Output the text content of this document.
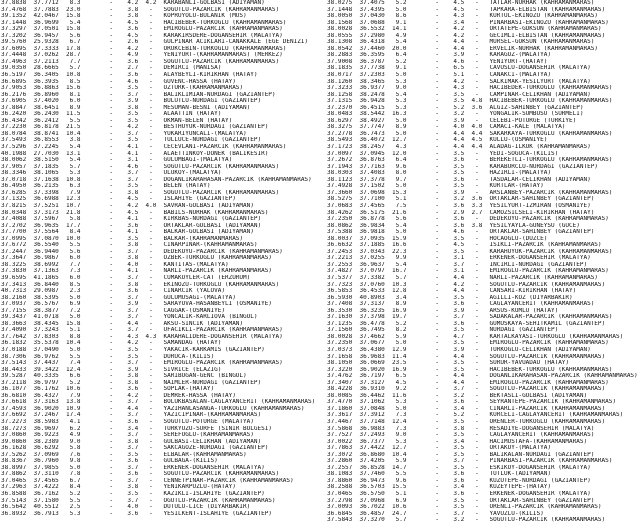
37.8838  37.7712   8.3        -    4.2  4.2  KARABANLI-GOLBASI (ADIYAMAN)
37.4768  37.7883  23.0        -    3.8   -   SOGUTLU-PAZARCIK (KAHRAMANMARAS)
39.1352  42.0467  15.8        -    3.8   -   KOPRUYOLU-BULANIK (MUS)
37.1448  36.9699   5.4        -    4.5   -   HACIBEBEK-TURKOGLU (KAHRAMANMARAS)
37.3297  37.0501  15.8        -    3.6   -   EMIROGLU-PAZARCIK (KAHRAMANMARAS)
37.3202  36.9457   5.6        -    4.5   -   KARAKIRSDERE-DOGANSEHIR (MALATYA)
39.5760  25.9328   6.7        -    2.6   -   GULPINAR ACIKLARI-CANAKKALE (EGE DENIZI)
37.6095  37.3333  17.8        -    4.2   -   ORUKCEBIN-TURKOGLU (KAHRAMANMARAS)
37.4448  37.0262  28.7        -    4.9   -   YENIYURT-(KAHRAMANMARAS) (MERKEZ)
37.4963  37.2113   7.7        -    3.6   -   SOGUTLU-PAZARCIK (KAHRAMANMARAS)
39.0350  28.6665   5.7        -    2.7   -   DEMIRCI (MANISA)
36.5197  36.3405  10.8        -    3.6   -   ALAYBEYLI-KIRIKHAN (HATAY)
36.6895  36.3935   8.5        -    4.6   -   GUVENC-HASSA (HATAY)
37.9053  36.8863  15.6        -    3.5   -   OZTURK-(KAHRAMANMARAS)
36.2176  36.8960   8.1        -    3.7   -   BALIKLIMIAN-NURDAGI (GAZIANTEP)
37.6905  37.4020   6.0        -    3.9   -   BULUTLU-NURDAGI (GAZIANTEP)
37.8847  38.6451   8.9        -    3.8   -   MESUMAN-BESNI (ADIYAMAN)
36.2420  36.2430  11.5        -    3.5   -   ALAATTIN (HATAY)
36.4342  36.2412   5.5        -    3.5   -   OKMAN-BELEN (HATAY)
37.2230  36.8178  21.5        -    4.2   -   BESTHUYUK-NURDAGI (GAZIANTEP)
38.0784  38.8741  10.4        -    3.7   -   YUKARIYUNCALI-(MALATYA)
37.5493  36.8553   3.8        -    3.5   -   TULLUCE-NURDAGI (GAZIANTEP)
37.5296  37.2245   5.4        -    4.1   -   CECEVLANI-PAZARCIK (KAHRAMANMARAS)
40.1988  27.7030  13.1        -    4.1   -   ALAETTINKOY-DONEK (BALIKESIR)
38.0062  38.5150   5.4        -    3.1   -   GULUMBAGI-(MALATYA)
37.9057  37.1835   5.7        -    4.6   -   SOGUTLU-PAZARCIK (KAHRAMANMARAS)
38.3346  38.1065   5.3        -    3.7   -   ULUKOY-(MALATYA)
37.0718  37.1638  10.8        -    3.7   -   DOGANLIKARAHASAN-PAZARCIK (KAHRAMANMARAS)
36.4950  36.2135   6.3        -    3.5   -   BELEN (HATAY)
37.6285  37.3398   7.9        -    3.8   -   SOGUTLU-PAZARCIK (KAHRAMANMARAS)
37.1325  36.6988  12.3        -    4.5   -   ISLAHIYE (GAZIANTEP)
37.8215  37.5251  10.7        -    4.2  4.0  SAVRAN-GOLBASI (ADIYAMAN)
38.0348  37.3173  21.8        -    4.5   -   BABILS-NURHAK (KAHRAMANMARAS)
37.4088  37.5967   5.8        -    4.1   -   KIRKBAS-NURDAGI (GAZIANTEP)
37.2702  36.9635  17.7        -    3.6   -   ORTAKLAR-GOLBASI (ADIYAMAN)
37.7700  37.5564   8.4        -    4.1   -   BALKAR-GOLBASI (ADIYAMAN)
37.0995  37.0870  10.0        -    3.5   -   BALKAR-(KAHRAMANMARAS)
37.6772  36.5540   5.5        -    3.8   -   CINARPINAR-(KAHRAMANMARAS)
37.2447  36.9440   5.6        -    3.7   -   DEDEKOYU-PAZARCIK (KAHRAMANMARAS)
37.3647  36.9867   6.0        -    3.8   -   OZBEK-TURKOGLU (KAHRAMANMARAS)
38.3225  38.6992   7.7        -    4.0   -   KANTITAS-(MALATYA)
37.3830  37.1363   7.3        -    4.1   -   NARLI-PAZARCIK (KAHRAMANMARAS)
39.6595  41.1865   6.0        -    3.7   -   CUMAKOYLER-CAT (ERZURUM)
37.3413  36.8440   8.5        -    3.8   -   EKINOZU-TURKOGLU (KAHRAMANMARAS)
40.7313  29.0987   2.3        -    3.6   -   CINARCIK (YALOVA)
38.2160  38.5395   5.0        -    3.7   -   GULUMUSAGI-(MALATYA)
37.0937  36.5767   6.9        -    3.9   -   SARAYOVA-HASANBEYLI (OSMANIYE)
37.7155  38.3877   7.2        -    3.7   -   CAGGAK-(OSMANIYE)
39.3437  41.0718   5.0        -    3.7   -   YONCALIK-KARLIOVA (BINGOL)
38.3663  38.4345  15.8        -    4.4   -   AKSU-SINCIK (ADIYAMAN)
37.4090  37.3243   5.1        -    3.7   -   UFACIKLI-PAZARCIK (KAHRAMANMARAS)
37.7642  37.8303   8.8        -    4.3  4.3  KARAHALIDERE-DOGANSEHIR (MALATYA)
36.1832  35.5378  10.4        -    4.2   -   SAMANDAG (HATAY)
37.0188  37.0490   5.0        -    3.5   -   YAKACIK-KARKAMIS (GAZIANTEP)
38.7306  36.9762   5.5        -    3.5   -   DURUCA-(KILIS)
37.5143  37.4437   7.4        -    3.7   -   EMIROGLU-PAZARCIK (KAHRAMANMARAS)
38.4433  39.3422  12.4        -    3.9   -   SIVRICE (ELAZIG)
39.5287  40.3335   6.6        -    3.8   -   SARIBOGAN-GENC (BINGOL)
37.2118  36.9797   5.2        -    3.8   -   NAIMLER-NURDAGI (GAZIANTEP)
36.1077  36.1762  10.6        -    3.6   -   SOPLAK-(HATAY)
36.6810  36.4327   7.9        -    4.2   -   DEMREK-HASSA (HATAY)
37.6618  37.3163  13.8        -    3.7   -   BOLUKBASALAN-CAGLAYANCERIT (KAHRAMANMARAS)
37.4593  36.9020  10.9        -    4.4   -   YAZIHANLASANGA-TURKOGLU (KAHRAMANMARAS)
37.6692  37.2467  17.4        -    3.7   -   YAZICIPINAR-(KAHRAMANMARAS)
37.2273  38.5983   4.1        -    3.6   -   SOGUTLU-POTURGE (MALATYA)
38.7273  36.9697   6.2        -    3.4   -   TURKYUZU-SURFE (SINIR BOLGESI)
37.0860  36.9223   4.9        -    3.7   -   SEREFOGLU-(KAHRAMANMARAS)
39.0860  38.2389   9.0        -    3.8   -   GULBASI-CELIKHAN (ADIYAMAN)
36.1628  36.6292   5.8        -    3.7   -   SAKCAGOZE-NURDAGI (GAZIANTEP)
37.5262  37.0969   7.6        -    3.5   -   ELBALAR-(KAHRAMANMARAS)
38.8367  36.7960   9.8        -    3.6   -   GULBAGA-(KILIS)
38.8997  37.9855   5.0        -    3.7   -   ERKENEK-DOGANSEHIR (MALATYA)
37.8862  37.3110   7.8        -    3.6   -   SOGUTLU-PAZARCIK (KAHRAMANMARAS)
37.0465  37.4565   6.7        -    3.7   -   CENNETPINAR-PAZARCIK (KAHRAMANMARAS)
37.2963  37.4222   8.4        -    3.8   -   YENIKARPUZLU-(HATAY)
36.8588  36.7162   5.2        -    3.5   -   KAZIKLI-ISLAHIYE (GAZIANTEP)
37.5143  37.1580   5.5        -    3.7   -   OGUTLU-PAZARCIK (KAHRAMANMARAS)
36.5642  40.5512   2.5        -    4.0   -   DUTULU-LICE (DIYARBAKIR)
36.8932  36.7913   5.3        -    3.6   -   YESILKENT-ISLAHIYE (GAZIANTEP)
38.0275  37.4075   5.2        -    4.5   -   TATLAR-NURHAK (KAHRAMANMARAS)
37.1448  37.4395   5.0        -    4.5   -   TAPKARA-ELBISTAN (KAHRAMANMARAS)
38.0050  37.0430   8.6        -    4.3   -   KURTUL-EKINOZU (KAHRAMANMARAS)
38.1568  37.0688   9.1        -    3.4   -   PINARBASI-EKINOZU (KAHRAMANMARAS)
38.0028  36.5532  14.1        -    4.2   -   ORTATEPE-GOKSUN (KAHRAMANMARAS)
38.0555  37.2980   4.9        -    4.2   -   GECIMLI-ELBISTAN (KAHRAMANMARAS)
38.1308  36.4318   5.4        -    4.4   -   MURSEL-GOKSUN (KAHRAMANMARAS)
38.0542  37.4460  20.0        -    4.4   -   ERVELIK-NURHAK (KAHRAMANMARAS)
38.2883  36.3595   6.4        -    3.9   -   KARAGOZ-(MALATYA)
37.9008  36.3787   5.2        -    4.6   -   YENIYURT-(HATAY)
38.1835  37.7738   9.1        -    6.5   -   CAVUSLU-DOGANSEHIR (MALATYA)
38.0717  37.2303   5.0        -    5.1   -   CANAKCI-(MALATYA)
38.1260  38.3465   5.3        -    4.2   -   SALKIMAK-YESILYURT (MALATYA)
37.3233  36.9377   9.0        -    4.3   -   HACIBEDEK-TURKOGLU (KAHRAMANMARAS)
38.1258  38.2478   5.4        -    3.5   -   CAMPINAR-CELIKHAN (ADIYAMAN)
37.1315  36.9428   5.3        -    3.5  4.8  HACIBEBEK-TURKOGLU (KAHRAMANMARAS)
37.2370  36.4515   5.3        -    5.2  3.6  ALGIZ-SAHINBEY (GAZIANTEP)
38.0483  38.5442  16.3        -    3.2   -   YONGALIK-SUMBUSU (SURMELI)
38.6297  38.4927   5.0        -    3.9   -   CELEBI-POTURGE (TURKIYE)
38.3275  37.7747   8.9        -    4.0  4.0  CAMACI-KALE (MALATYA)
37.2778  36.7473   5.0        -    4.4  4.4  SAKARKAYA-TURKOGLU (KAHRAMANMARAS)
38.5493  36.4072  12.7        -    4.4  4.5  KULLU-(OSMANIYE)
37.1723  38.2457   4.3        -    4.4  4.4  ALADAG-ILKOK (KAHRAMANMARAS)
37.0097  37.0945  12.0        -    3.5   -   YEDI-SOGUCA-(KILIS)
37.2672  36.8763   6.4        -    3.6   -   BEREKETLI-TURKOGLU (KAHRAMANMARAS)
37.1943  37.7163   9.6        -    3.5   -   KARABURCLU-NURDAGI (GAZIANTEP)
38.0303  37.4083   8.0        -    3.5   -   HAZIRLI-(MALATYA)
38.1123  37.3778   9.7        -    3.6   -   TASDALAR-CELIKHAN (ADIYAMAN)
37.4928  37.1502   5.0        -    3.5   -   KURTLAR-(HATAY)
37.3660  37.0698  15.3        -    3.9   -   ARSLANBEY-PAZARCIK (KAHRAMANMARAS)
38.5275  37.7100   5.1        -    3.2  3.6  ORTAKLAR-SAHINBEY (GAZIANTEP)
37.0683  37.4565   7.5        -    3.6  3.3  YESILYURT-IZMIRAN (OSMANIYE)
38.4262  36.5175  21.6        -    2.9  2.7  CAMOZSILSELI-KIRIKHAN (HATAY)
37.2350  36.8778   5.6        -    3.6   -   DEDEKOYU-PAZARCIK (KAHRAMANMARAS)
38.0862  36.9834   5.4        -    3.6  3.8  YESILYAYLA-GUNEYSU (GUCE)
37.5388  36.9818   5.0        -    4.6   -   ORTAKLAR-SAHINBEY (GAZIANTEP)
38.0037  37.0935  15.9        -    3.5   -   HOCAOGLU-(DUZCE)
36.6632  37.1885  16.6        -    4.5   -   ISIKLI-PAZARCIK (KAHRAMANMARAS)
37.2453  37.0343  22.3        -    3.5   -   KARAHUYUK-PAZARCIK (KAHRAMANMARAS)
37.2213  37.0255   9.9        -    3.1   -   ERKENEK-DOGANSEHIR (MALATYA)
37.2553  36.9637   5.4        -    3.7   -   INCIRLI-NURDAGI (GAZIANTEP)
37.4827  37.0797  16.7        -    3.1   -   EMIROGLU-PAZARCIK (KAHRAMANMARAS)
37.5377  37.3382   5.7        -    4.4   -   NARLI-PAZARCIK (KAHRAMANMARAS)
37.7323  37.0760  10.3        -    4.2   -   SOGUTLU-PAZARCIK (KAHRAMANMARAS)
36.5853  36.4533  12.8        -    4.4   -   CANSARI-KIRIKHAN (HATAY)
36.5930  40.8903   3.4        -    3.5   -   AGILLI-KOZ (DIYARBAKIR)
37.7408  37.3137   8.9        -    3.6   -   CAGLAYANCERIT (KAHRAMANMARAS)
36.3530  36.3235  16.9        -    3.9   -   ARSUS-KUMLU (HATAY)
37.1630  37.3798  19.7        -    3.7   -   SADAKALAR-PAZARCIK (KAHRAMANMARAS)
37.1235  36.4778   5.2        -    3.6   -   GUMUSKAYA-SEHITKAMIL (GAZIANTEP)
37.1560  36.7495   8.2        -    3.5   -   NURDAGI (GAZIANTEP)
38.0028  37.4662   5.9        -    4.7   -   KARTALKAYASI-TURKOGLU (KAHRAMANMARAS)
37.2350  37.0677   5.0        -    3.5   -   EMIROGLU-PAZARCIK (KAHRAMANMARAS)
37.0373  36.4380  12.9        -    3.9   -   TURKOGLU-CELIKHAN (ADIYAMAN)
37.1658  36.9683  11.4        -    4.4   -   SOGUTLU-PAZARCIK (KAHRAMANMARAS)
38.1050  36.0669  23.5        -    3.5   -   SURUR-YAVUADAU (HATAY)
37.3220  36.9020  16.9        -    3.5   -   HACIBEBEK-TURKOGLU (KAHRAMANMARAS)
37.4762  36.7197   6.5        -    4.4   -   DOGANLIKARAHASAN-PAZARCIK (KAHRAMANMARAS)
37.3407  37.3127   4.5        -    4.4   -   EMIROGLU-PAZARCIK (KAHRAMANMARAS)
38.4228  36.9310   9.2        -    3.7   -   SOGUTLU-PAZARCIK (KAHRAMANMARAS)
38.0085  36.4462  11.6        -    3.2   -   BEKTASLI-GOLBASI (ADIYAMAN)
37.4770  37.1062   5.3        -    3.6   -   SEYRANTEPE-PAZARCIK (KAHRAMANMARAS)
37.1860  37.0848   5.0        -    3.4   -   CINARLI-PAZARCIK (KAHRAMANMARAS)
37.3617  37.3912   7.3        -    5.2   -   KURCELI-CAGLAYANCERIT (KAHRAMANMARAS)
37.4467  37.7148  12.4        -    3.5   -   ORENLER-TURKOGLU (KAHRAMANMARAS)
37.5868  36.9883   7.3        -    3.8   -   RESADIYE-DOGANSEHIR (MALATYA)
37.7527  37.2493   9.0        -    3.5   -   CAGLAYANCERIT (KAHRAMANMARAS)
37.0022  36.7377   5.3        -    3.4   -   HACIMUSTAFA-(KAHRAMANMARAS)
37.7863  37.4422  12.7        -    3.5   -   ORTAKOY-(MALATYA)
37.3072  36.8680  10.4        -    3.5   -   BALIKALAN-NURDAGI (GAZIANTEP)
37.2860  37.4205   5.9        -    3.7   -   PINARBASI-PAZARCIK (KAHRAMANMARAS)
37.2557  36.8528  14.7        -    3.5   -   ESKIKOY-DOGANSEHIR (MALATYA)
38.1083  37.7460   5.5        -    3.6   -   TUTLUK-(ADIYAMAN)
37.8860  36.9473   9.6        -    3.6   -   KUZUTEPE-NURDAGI (GAZIANTEP)
38.2588  36.5703  15.5        -    3.4   -   KUZEYTEPE-(HATAY)
37.0465  36.5750   5.1        -    3.6   -   ERKENEK-DOGANSEHIR (MALATYA)
37.2798  37.0968   6.9        -    3.5   -   ORTAKLAR-SAHINBEY (GAZIANTEP)
37.0093  36.7022  10.6        -    3.5   -   ORENLI-PAZARCIK (KAHRAMANMARAS)
36.6845  36.4857  24.7        -    3.7   -   YAVUZLU-(KILIS)
37.5843  37.3270   5.7        -    3.2   -   SOGUTLU-PAZARCIK (KAHRAMANMARAS)
